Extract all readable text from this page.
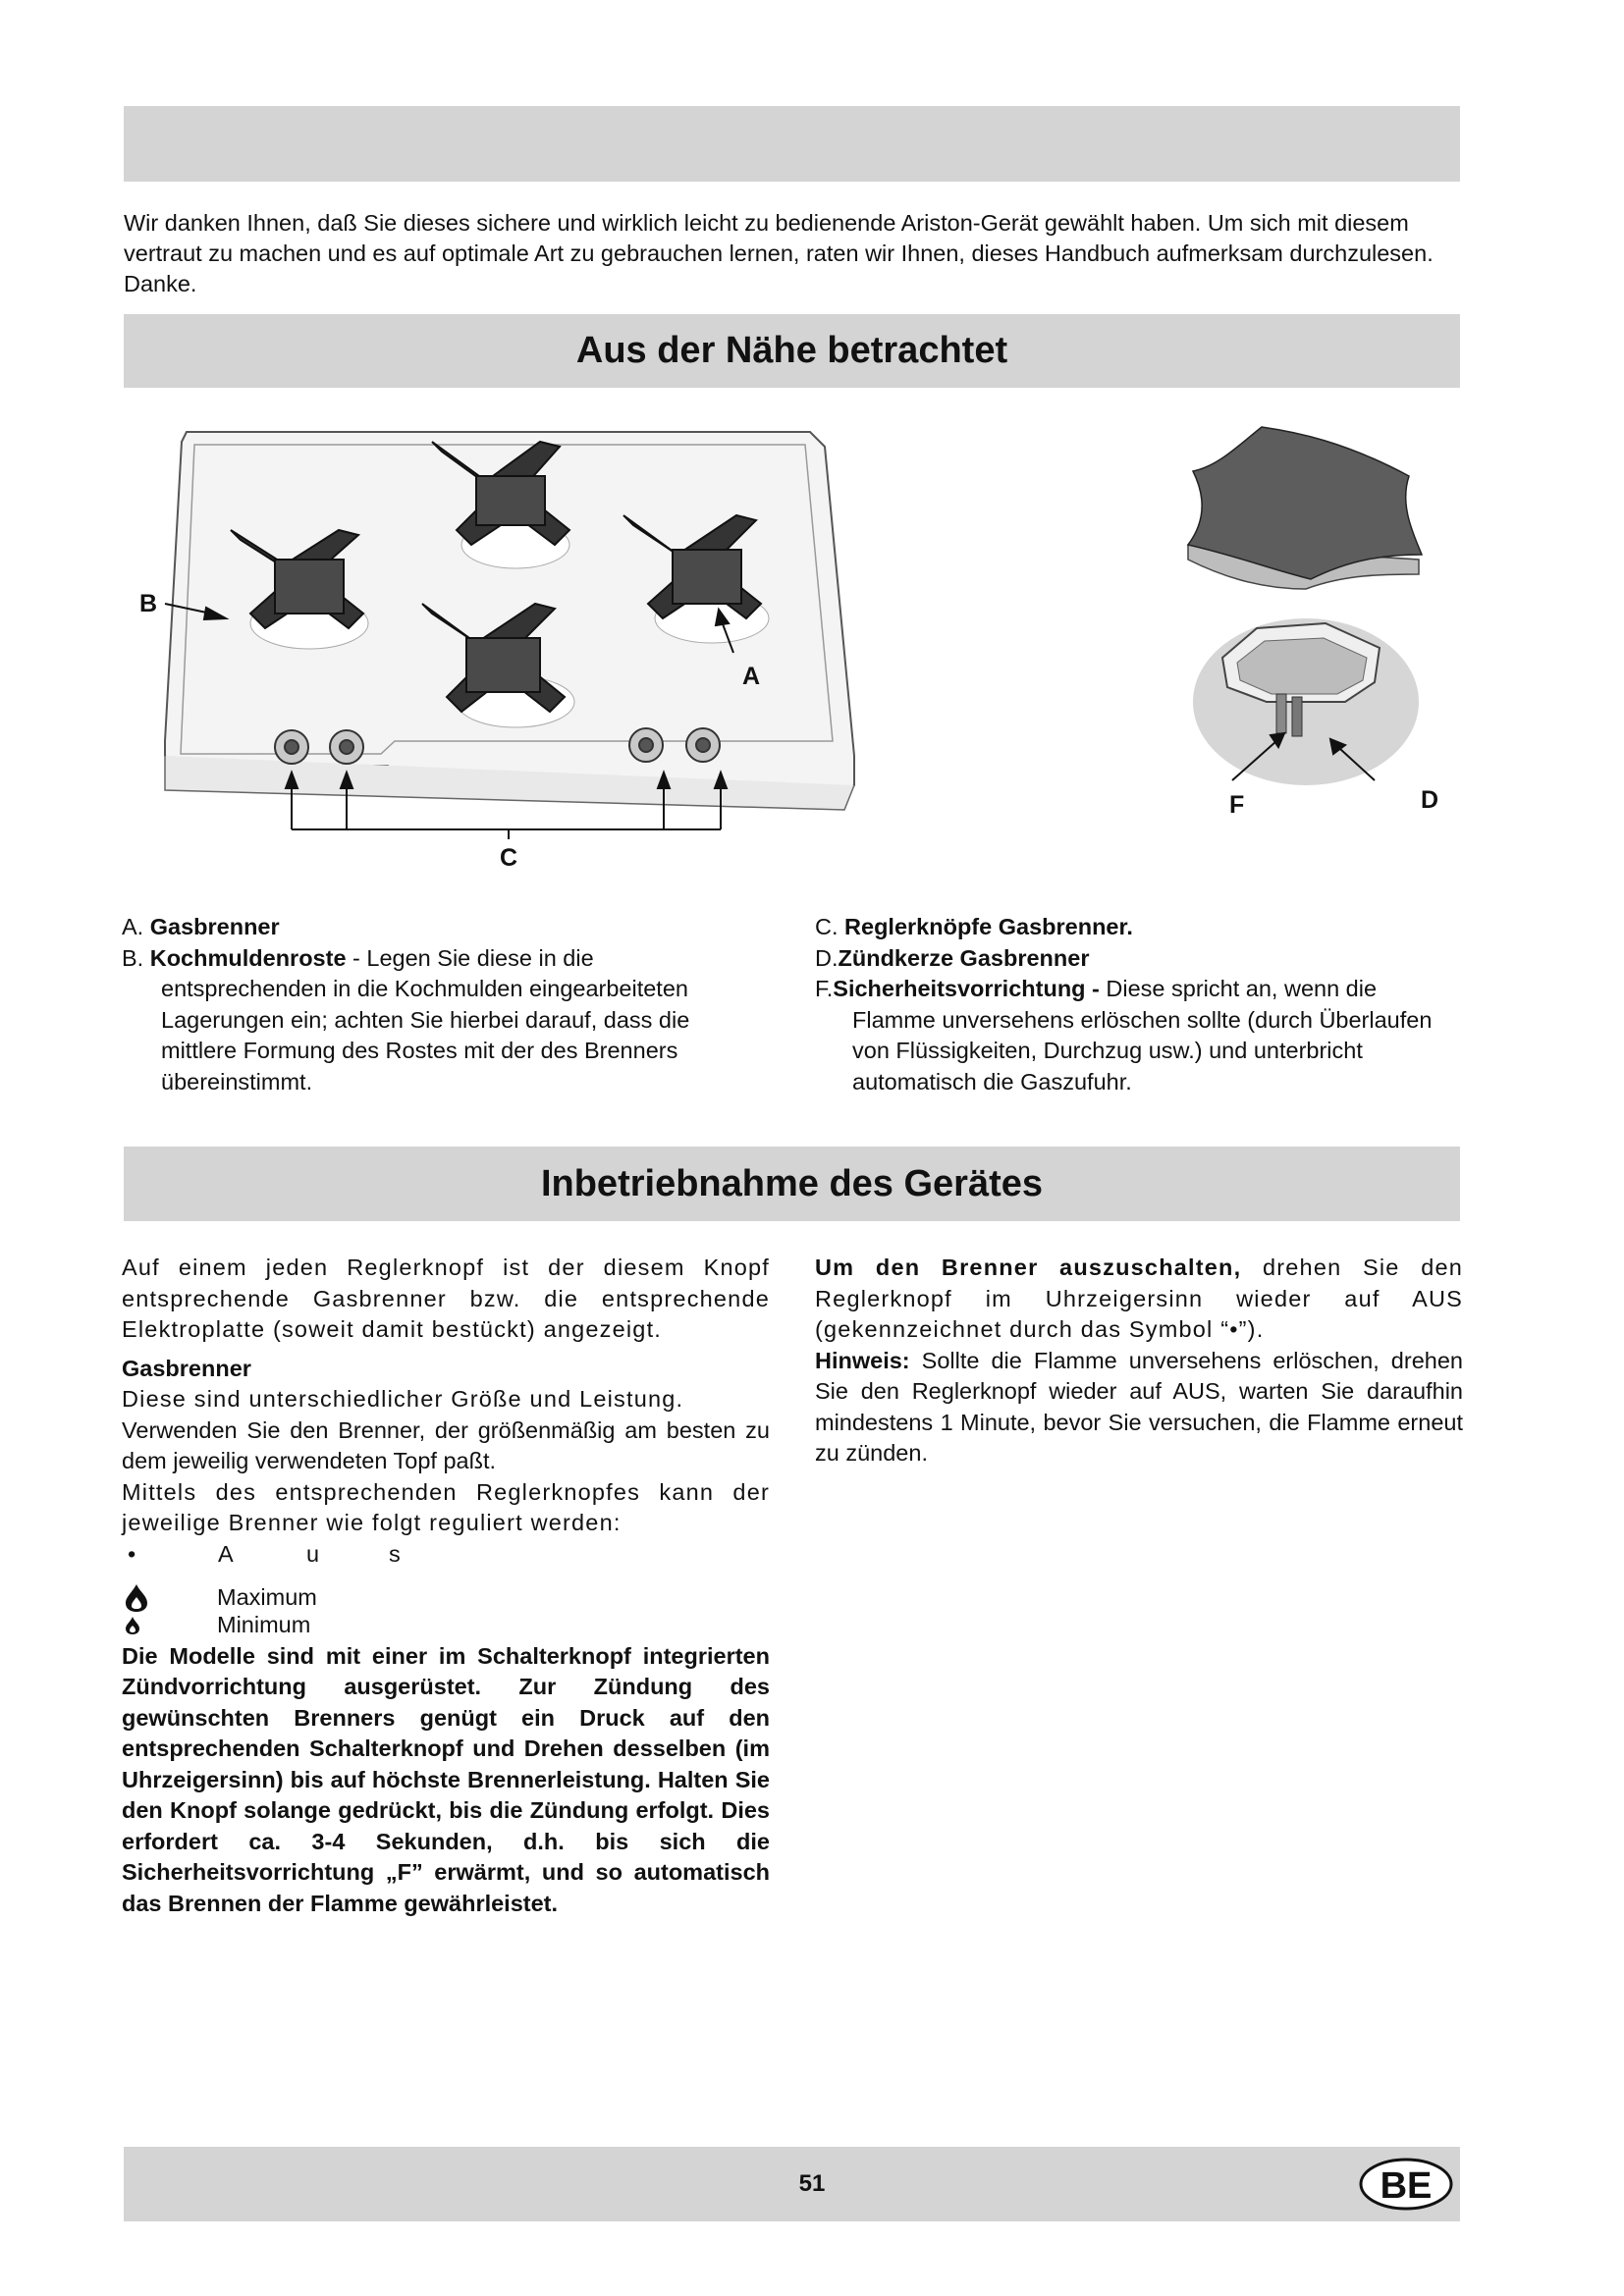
Wir danken Ihnen, daß Sie dieses sichere und wirklich leicht zu bedienende Ariston-Gerät gewählt haben. Um sich mit diesem vertraut zu machen und es auf optimale Art zu gebrauchen lernen, raten wir Ihnen, dieses Handbuch aufmerksam durchzulesen. Danke.
Aus der Nähe betrachtet
B
A
C
F	D

A. Gasbrenner

B. Kochmuldenroste - Legen Sie diese in die entsprechenden in die Kochmulden eingearbeiteten Lagerungen ein; achten Sie hierbei darauf, dass die mittlere Formung des Rostes mit der des Brenners übereinstimmt.

C. Reglerknöpfe Gasbrenner.

D.Zündkerze Gasbrenner

F.Sicherheitsvorrichtung - Diese spricht an, wenn die Flamme unversehens erlöschen sollte (durch Überlaufen von Flüssigkeiten, Durchzug usw.) und unterbricht automatisch die Gaszufuhr.

Inbetriebnahme des Gerätes

Auf einem jeden Reglerknopf ist der diesem Knopf entsprechende Gasbrenner bzw. die entsprechende Elektroplatte (soweit damit bestückt) angezeigt.

Gasbrenner
Diese sind unterschiedlicher Größe und Leistung.
Verwenden Sie den Brenner, der größenmäßig am besten zu dem jeweilig verwendeten Topf paßt.
Mittels des entsprechenden Reglerknopfes kann der jeweilige Brenner wie folgt reguliert werden:
•	A	u	s
Maximum
Minimum
Die Modelle sind mit einer im Schalterknopf integrierten Zündvorrichtung ausgerüstet. Zur Zündung des gewünschten Brenners genügt ein Druck auf den entsprechenden Schalterknopf und Drehen desselben (im Uhrzeigersinn) bis auf höchste Brennerleistung. Halten Sie den Knopf solange gedrückt, bis die Zündung erfolgt. Dies erfordert ca. 3-4 Sekunden, d.h. bis sich die Sicherheitsvorrichtung „F” erwärmt, und so automatisch das Brennen der Flamme gewährleistet.

Um den Brenner auszuschalten, drehen Sie den Reglerknopf im Uhrzeigersinn wieder auf AUS (gekennzeichnet durch das Symbol “•”).

Hinweis: Sollte die Flamme unversehens erlöschen, drehen Sie den Reglerknopf wieder auf AUS, warten Sie daraufhin mindestens 1 Minute, bevor Sie versuchen, die Flamme erneut zu zünden.

51	BE
